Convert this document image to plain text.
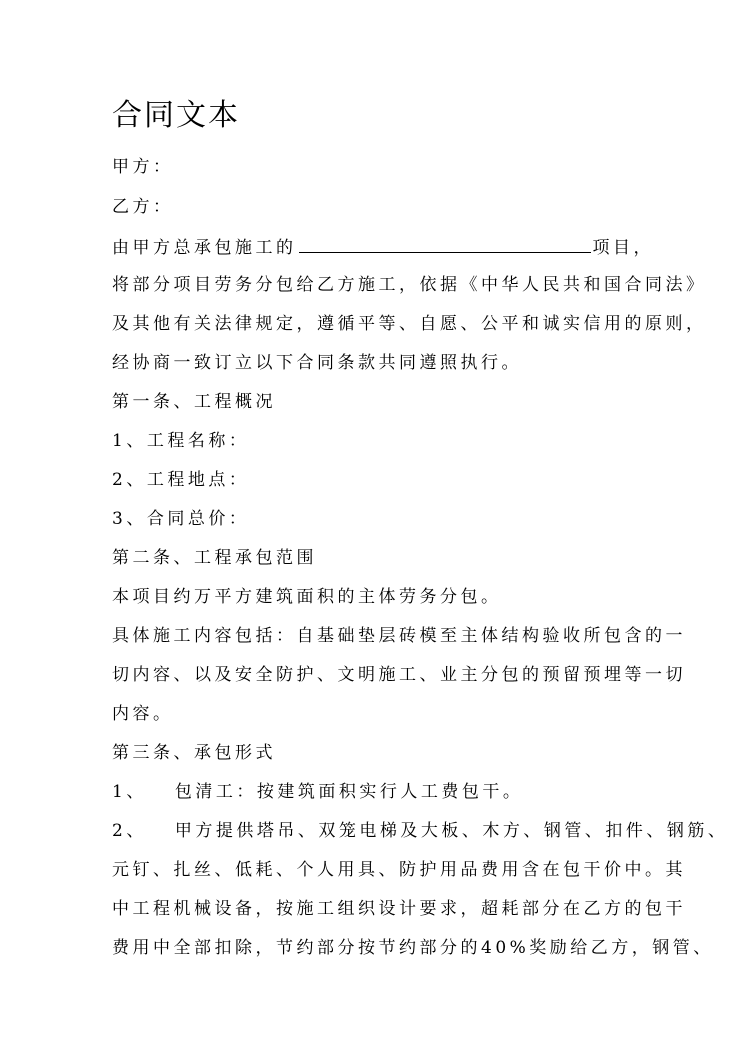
合同文本

甲方：

乙方：

由甲方总承包施工的	项目，

将部分项目劳务分包给乙方施工，依据《中华人民共和国合同法》

及其他有关法律规定，遵循平等、自愿、公平和诚实信用的原则，

经协商一致订立以下合同条款共同遵照执行。

第一条、工程概况

1、工程名称：

2、工程地点：

3、合同总价：

第二条、工程承包范围

本项目约万平方建筑面积的主体劳务分包。

具体施工内容包括：自基础垫层砖模至主体结构验收所包含的一

切内容、以及安全防护、文明施工、业主分包的预留预埋等一切

内容。

第三条、承包形式

1、 包清工：按建筑面积实行人工费包干。

2、 甲方提供塔吊、双笼电梯及大板、木方、钢管、扣件、钢筋、

元钉、扎丝、低耗、个人用具、防护用品费用含在包干价中。其

中工程机械设备，按施工组织设计要求，超耗部分在乙方的包干

费用中全部扣除，节约部分按节约部分的40%奖励给乙方，钢管、
